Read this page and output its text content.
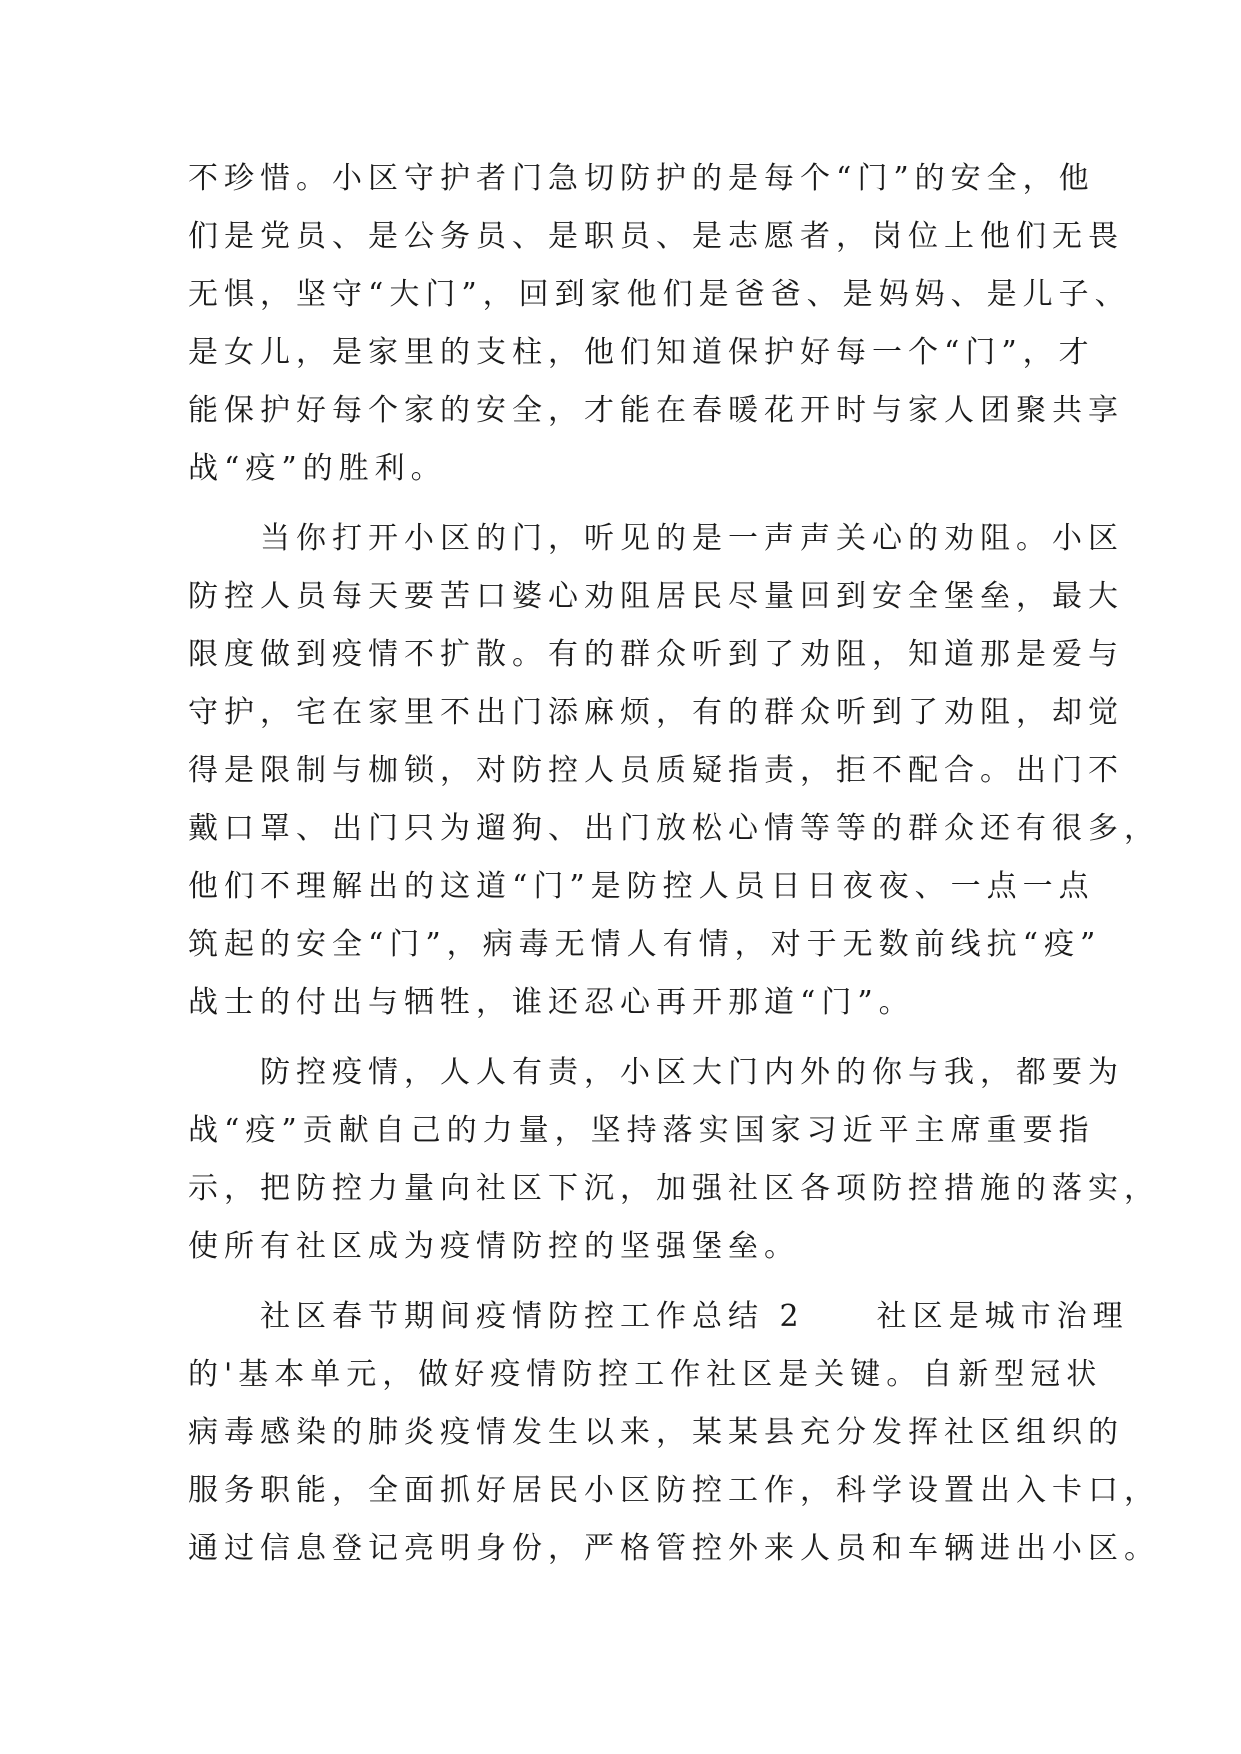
不珍惜。小区守护者门急切防护的是每个“门”的安全，他
们是党员、是公务员、是职员、是志愿者，岗位上他们无畏
无惧，坚守“大门”，回到家他们是爸爸、是妈妈、是儿子、
是女儿，是家里的支柱，他们知道保护好每一个“门”，才
能保护好每个家的安全，才能在春暖花开时与家人团聚共享
战“疫”的胜利。
　　当你打开小区的门，听见的是一声声关心的劝阻。小区
防控人员每天要苦口婆心劝阻居民尽量回到安全堡垒，最大
限度做到疫情不扩散。有的群众听到了劝阻，知道那是爱与
守护，宅在家里不出门添麻烦，有的群众听到了劝阻，却觉
得是限制与枷锁，对防控人员质疑指责，拒不配合。出门不
戴口罩、出门只为遛狗、出门放松心情等等的群众还有很多，
他们不理解出的这道“门”是防控人员日日夜夜、一点一点
筑起的安全“门”，病毒无情人有情，对于无数前线抗“疫”
战士的付出与牺牲，谁还忍心再开那道“门”。
　　防控疫情，人人有责，小区大门内外的你与我，都要为
战“疫”贡献自己的力量，坚持落实国家习近平主席重要指
示，把防控力量向社区下沉，加强社区各项防控措施的落实，
使所有社区成为疫情防控的坚强堡垒。
　　社区春节期间疫情防控工作总结 2　　社区是城市治理
的'基本单元，做好疫情防控工作社区是关键。自新型冠状
病毒感染的肺炎疫情发生以来，某某县充分发挥社区组织的
服务职能，全面抓好居民小区防控工作，科学设置出入卡口，
通过信息登记亮明身份，严格管控外来人员和车辆进出小区。
